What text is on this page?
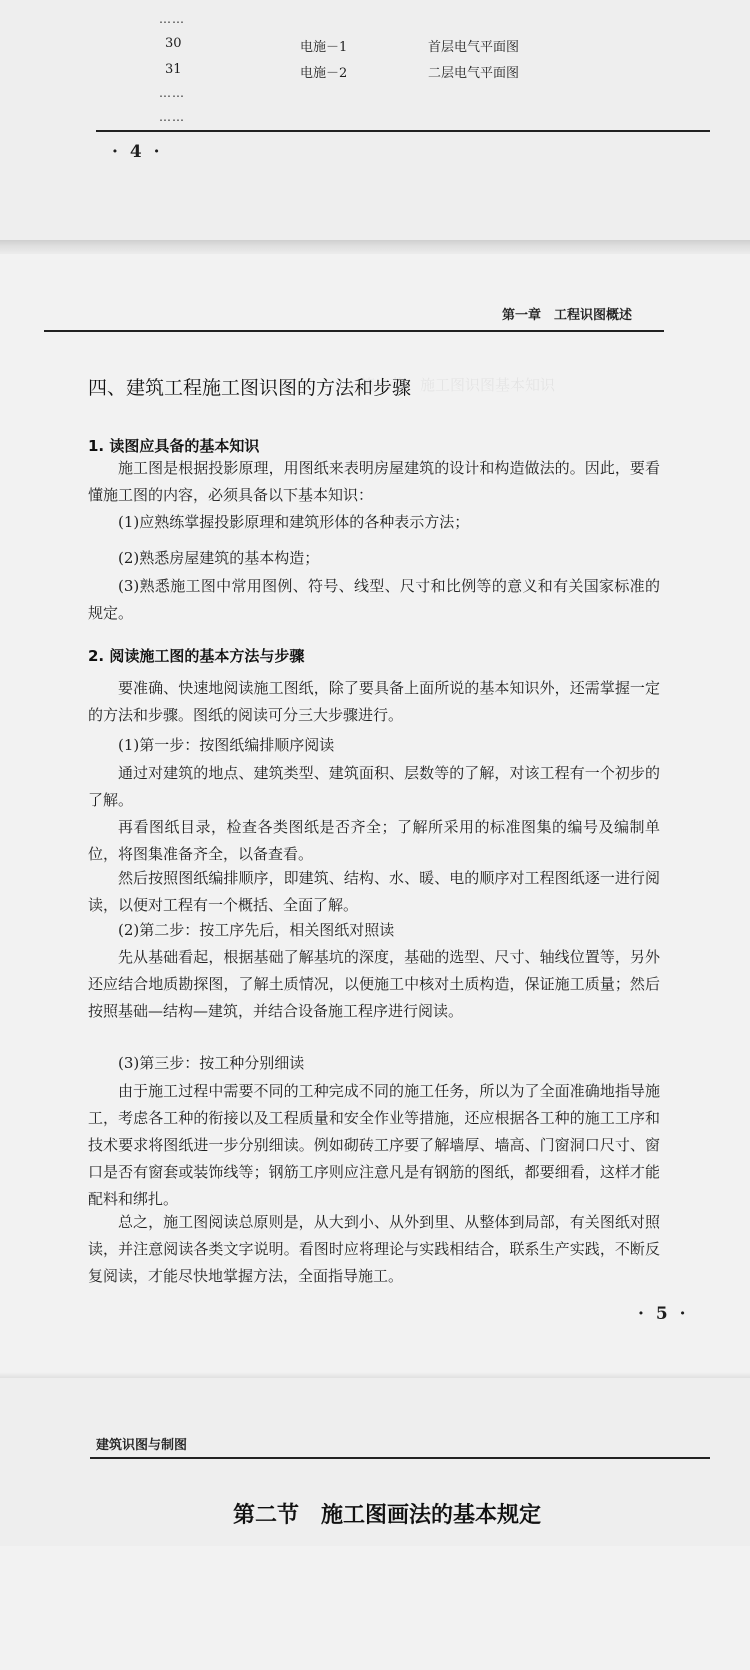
……
30	电施－1	首层电气平面图
31	电施－2	二层电气平面图
……
……
· 4 ·
第一节　施工图识图基本知识
第一章　工程识图概述
四、建筑工程施工图识图的方法和步骤
1. 读图应具备的基本知识
施工图是根据投影原理，用图纸来表明房屋建筑的设计和构造做法的。因此，要看懂施工图的内容，必须具备以下基本知识：
(1)应熟练掌握投影原理和建筑形体的各种表示方法；
(2)熟悉房屋建筑的基本构造；
(3)熟悉施工图中常用图例、符号、线型、尺寸和比例等的意义和有关国家标准的规定。
2. 阅读施工图的基本方法与步骤
要准确、快速地阅读施工图纸，除了要具备上面所说的基本知识外，还需掌握一定的方法和步骤。图纸的阅读可分三大步骤进行。
(1)第一步：按图纸编排顺序阅读
通过对建筑的地点、建筑类型、建筑面积、层数等的了解，对该工程有一个初步的了解。
再看图纸目录，检查各类图纸是否齐全；了解所采用的标准图集的编号及编制单位，将图集准备齐全，以备查看。
然后按照图纸编排顺序，即建筑、结构、水、暖、电的顺序对工程图纸逐一进行阅读，以便对工程有一个概括、全面了解。
(2)第二步：按工序先后，相关图纸对照读
先从基础看起，根据基础了解基坑的深度，基础的选型、尺寸、轴线位置等，另外还应结合地质勘探图，了解土质情况，以便施工中核对土质构造，保证施工质量；然后按照基础—结构—建筑，并结合设备施工程序进行阅读。
(3)第三步：按工种分别细读
由于施工过程中需要不同的工种完成不同的施工任务，所以为了全面准确地指导施工，考虑各工种的衔接以及工程质量和安全作业等措施，还应根据各工种的施工工序和技术要求将图纸进一步分别细读。例如砌砖工序要了解墙厚、墙高、门窗洞口尺寸、窗口是否有窗套或装饰线等；钢筋工序则应注意凡是有钢筋的图纸，都要细看，这样才能配料和绑扎。
总之，施工图阅读总原则是，从大到小、从外到里、从整体到局部，有关图纸对照读，并注意阅读各类文字说明。看图时应将理论与实践相结合，联系生产实践，不断反复阅读，才能尽快地掌握方法，全面指导施工。
· 5 ·
建筑识图与制图
第二节　施工图画法的基本规定
